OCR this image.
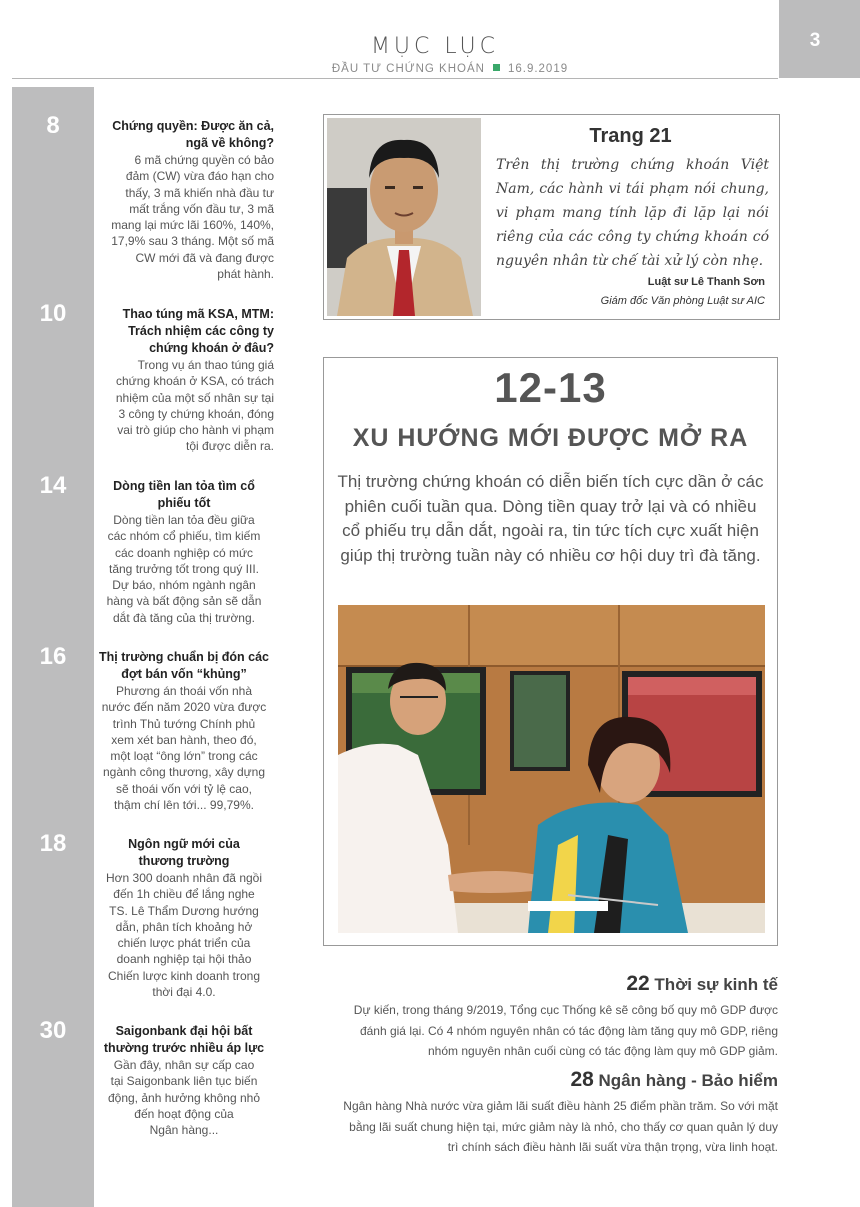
MỤC LỤC
ĐẦU TƯ CHỨNG KHOÁN 16.9.2019
3
8	Chứng quyền: Được ăn cả,
ngã về không?
6 mã chứng quyền có bảo
đảm (CW) vừa đáo hạn cho
thấy, 3 mã khiến nhà đầu tư
mất trắng vốn đầu tư, 3 mã
mang lại mức lãi 160%, 140%,
17,9% sau 3 tháng. Một số mã
CW mới đã và đang được
phát hành.
10	Thao túng mã KSA, MTM:
Trách nhiệm các công ty
chứng khoán ở đâu?
Trong vụ án thao túng giá
chứng khoán ở KSA, có trách
nhiệm của một số nhân sự tại
3 công ty chứng khoán, đóng
vai trò giúp cho hành vi phạm
tội được diễn ra.
14	Dòng tiền lan tỏa tìm cổ
phiếu tốt
Dòng tiền lan tỏa đều giữa
các nhóm cổ phiếu, tìm kiếm
các doanh nghiệp có mức
tăng trưởng tốt trong quý III.
Dự báo, nhóm ngành ngân
hàng và bất động sản sẽ dẫn
dắt đà tăng của thị trường.
16	Thị trường chuẩn bị đón các
đợt bán vốn “khủng”
Phương án thoái vốn nhà
nước đến năm 2020 vừa được
trình Thủ tướng Chính phủ
xem xét ban hành, theo đó,
một loạt “ông lớn” trong các
ngành công thương, xây dựng
sẽ thoái vốn với tỷ lệ cao,
thậm chí lên tới... 99,79%.
18	Ngôn ngữ mới của
thương trường
Hơn 300 doanh nhân đã ngồi
đến 1h chiều để lắng nghe
TS. Lê Thẩm Dương hướng
dẫn, phân tích khoảng hở
chiến lược phát triển của
doanh nghiệp tại hội thảo
Chiến lược kinh doanh trong
thời đại 4.0.
30	Saigonbank đại hội bất
thường trước nhiều áp lực
Gần đây, nhân sự cấp cao
tại Saigonbank liên tục biến
động, ảnh hưởng không nhỏ
đến hoạt động của
Ngân hàng...
Trang 21
Trên thị trường chứng khoán Việt Nam, các hành vi tái phạm nói chung, vi phạm mang tính lặp đi lặp lại nói riêng của các công ty chứng khoán có nguyên nhân từ chế tài xử lý còn nhẹ.
Luật sư Lê Thanh Sơn
Giám đốc Văn phòng Luật sư AIC
12-13
XU HƯỚNG MỚI ĐƯỢC MỞ RA
Thị trường chứng khoán có diễn biến tích cực dần ở các phiên cuối tuần qua. Dòng tiền quay trở lại và có nhiều cổ phiếu trụ dẫn dắt, ngoài ra, tin tức tích cực xuất hiện giúp thị trường tuần này có nhiều cơ hội duy trì đà tăng.
22 Thời sự kinh tế
Dự kiến, trong tháng 9/2019, Tổng cục Thống kê sẽ công bố quy mô GDP được
đánh giá lại. Có 4 nhóm nguyên nhân có tác động làm tăng quy mô GDP, riêng
nhóm nguyên nhân cuối cùng có tác động làm quy mô GDP giảm.
28 Ngân hàng - Bảo hiểm
Ngân hàng Nhà nước vừa giảm lãi suất điều hành 25 điểm phần trăm. So với mặt
bằng lãi suất chung hiện tại, mức giảm này là nhỏ, cho thấy cơ quan quản lý duy
trì chính sách điều hành lãi suất vừa thận trọng, vừa linh hoạt.
